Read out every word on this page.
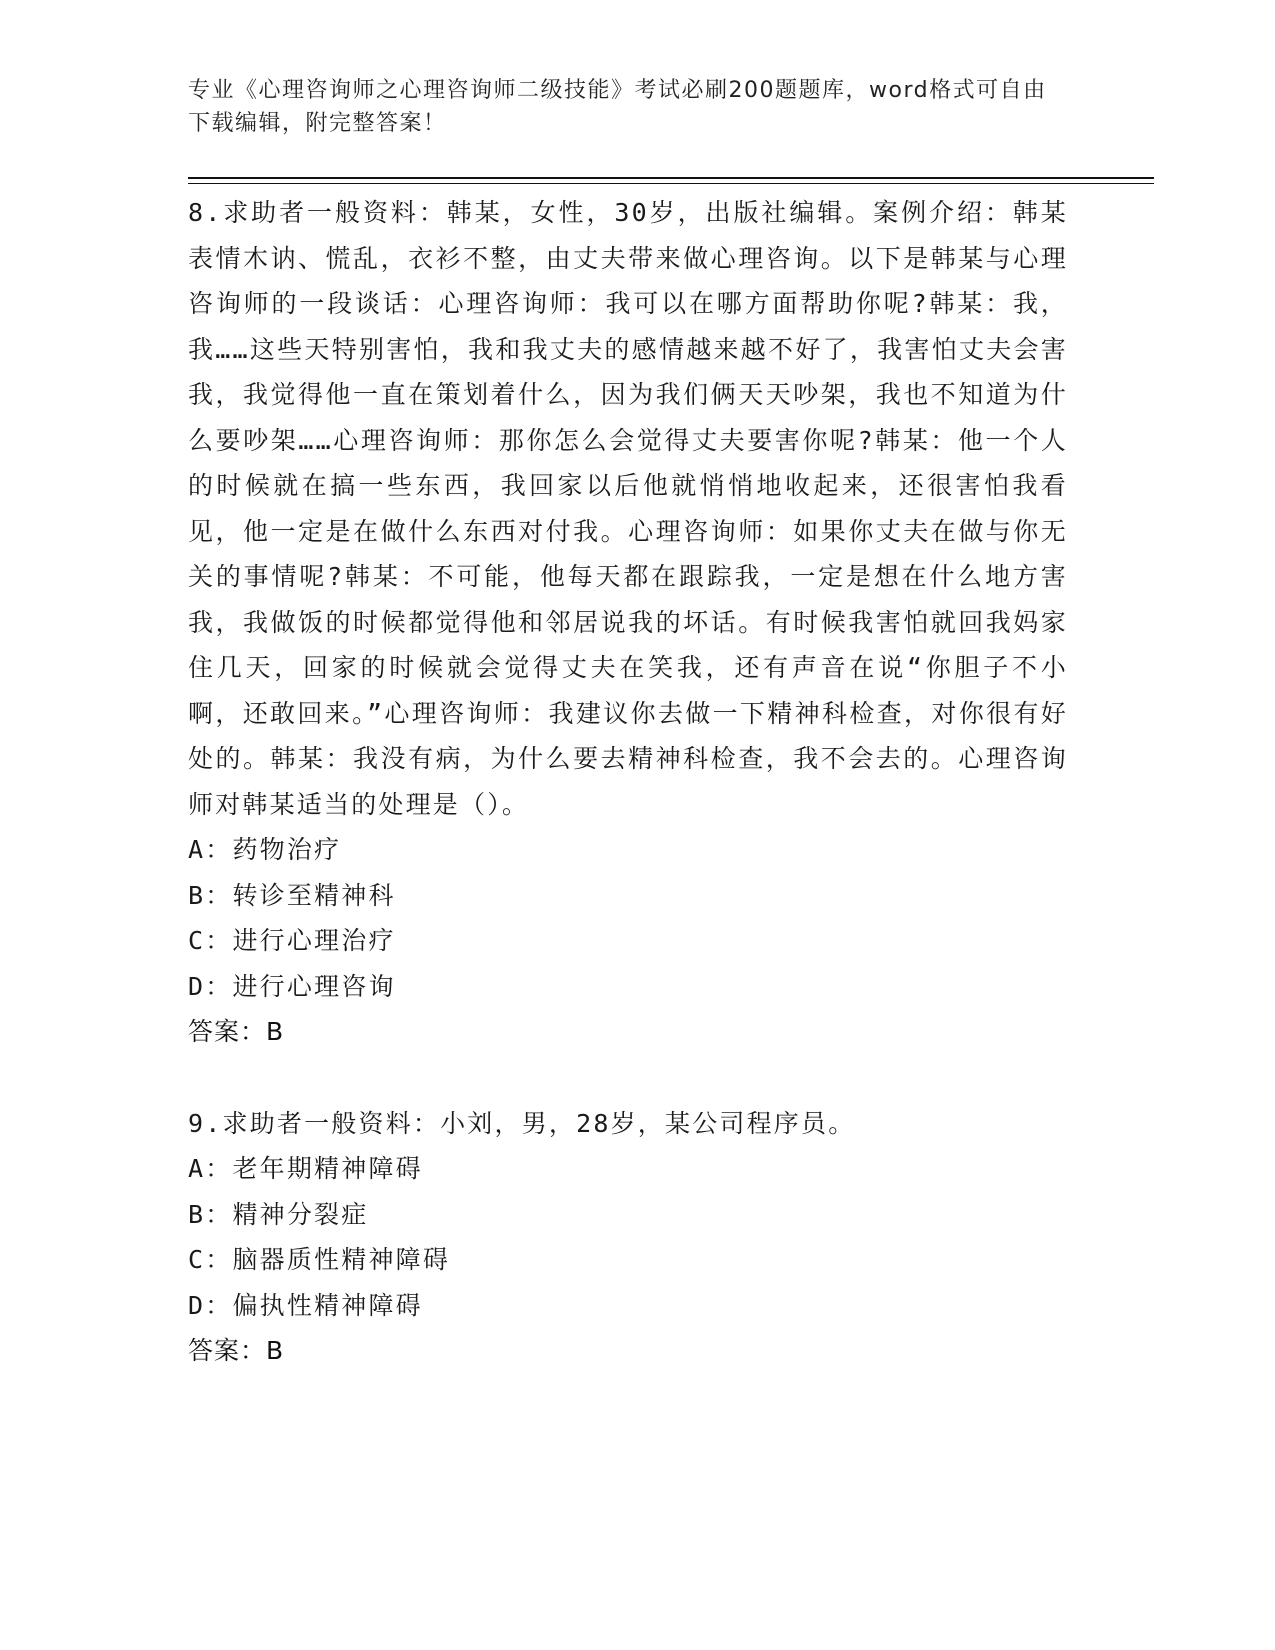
专业《心理咨询师之心理咨询师二级技能》考试必刷200题题库，word格式可自由下载编辑，附完整答案！

8.求助者一般资料：韩某，女性，30岁，出版社编辑。案例介绍：韩某表情木讷、慌乱，衣衫不整，由丈夫带来做心理咨询。以下是韩某与心理咨询师的一段谈话：心理咨询师：我可以在哪方面帮助你呢?韩某：我，我……这些天特别害怕，我和我丈夫的感情越来越不好了，我害怕丈夫会害我，我觉得他一直在策划着什么，因为我们俩天天吵架，我也不知道为什么要吵架……心理咨询师：那你怎么会觉得丈夫要害你呢?韩某：他一个人的时候就在搞一些东西，我回家以后他就悄悄地收起来，还很害怕我看见，他一定是在做什么东西对付我。心理咨询师：如果你丈夫在做与你无关的事情呢?韩某：不可能，他每天都在跟踪我，一定是想在什么地方害我，我做饭的时候都觉得他和邻居说我的坏话。有时候我害怕就回我妈家住几天，回家的时候就会觉得丈夫在笑我，还有声音在说“你胆子不小啊，还敢回来。”心理咨询师：我建议你去做一下精神科检查，对你很有好处的。韩某：我没有病，为什么要去精神科检查，我不会去的。心理咨询师对韩某适当的处理是（）。

A：药物治疗

B：转诊至精神科

C：进行心理治疗

D：进行心理咨询

答案：B

9.求助者一般资料：小刘，男，28岁，某公司程序员。

A：老年期精神障碍

B：精神分裂症

C：脑器质性精神障碍

D：偏执性精神障碍

答案：B
